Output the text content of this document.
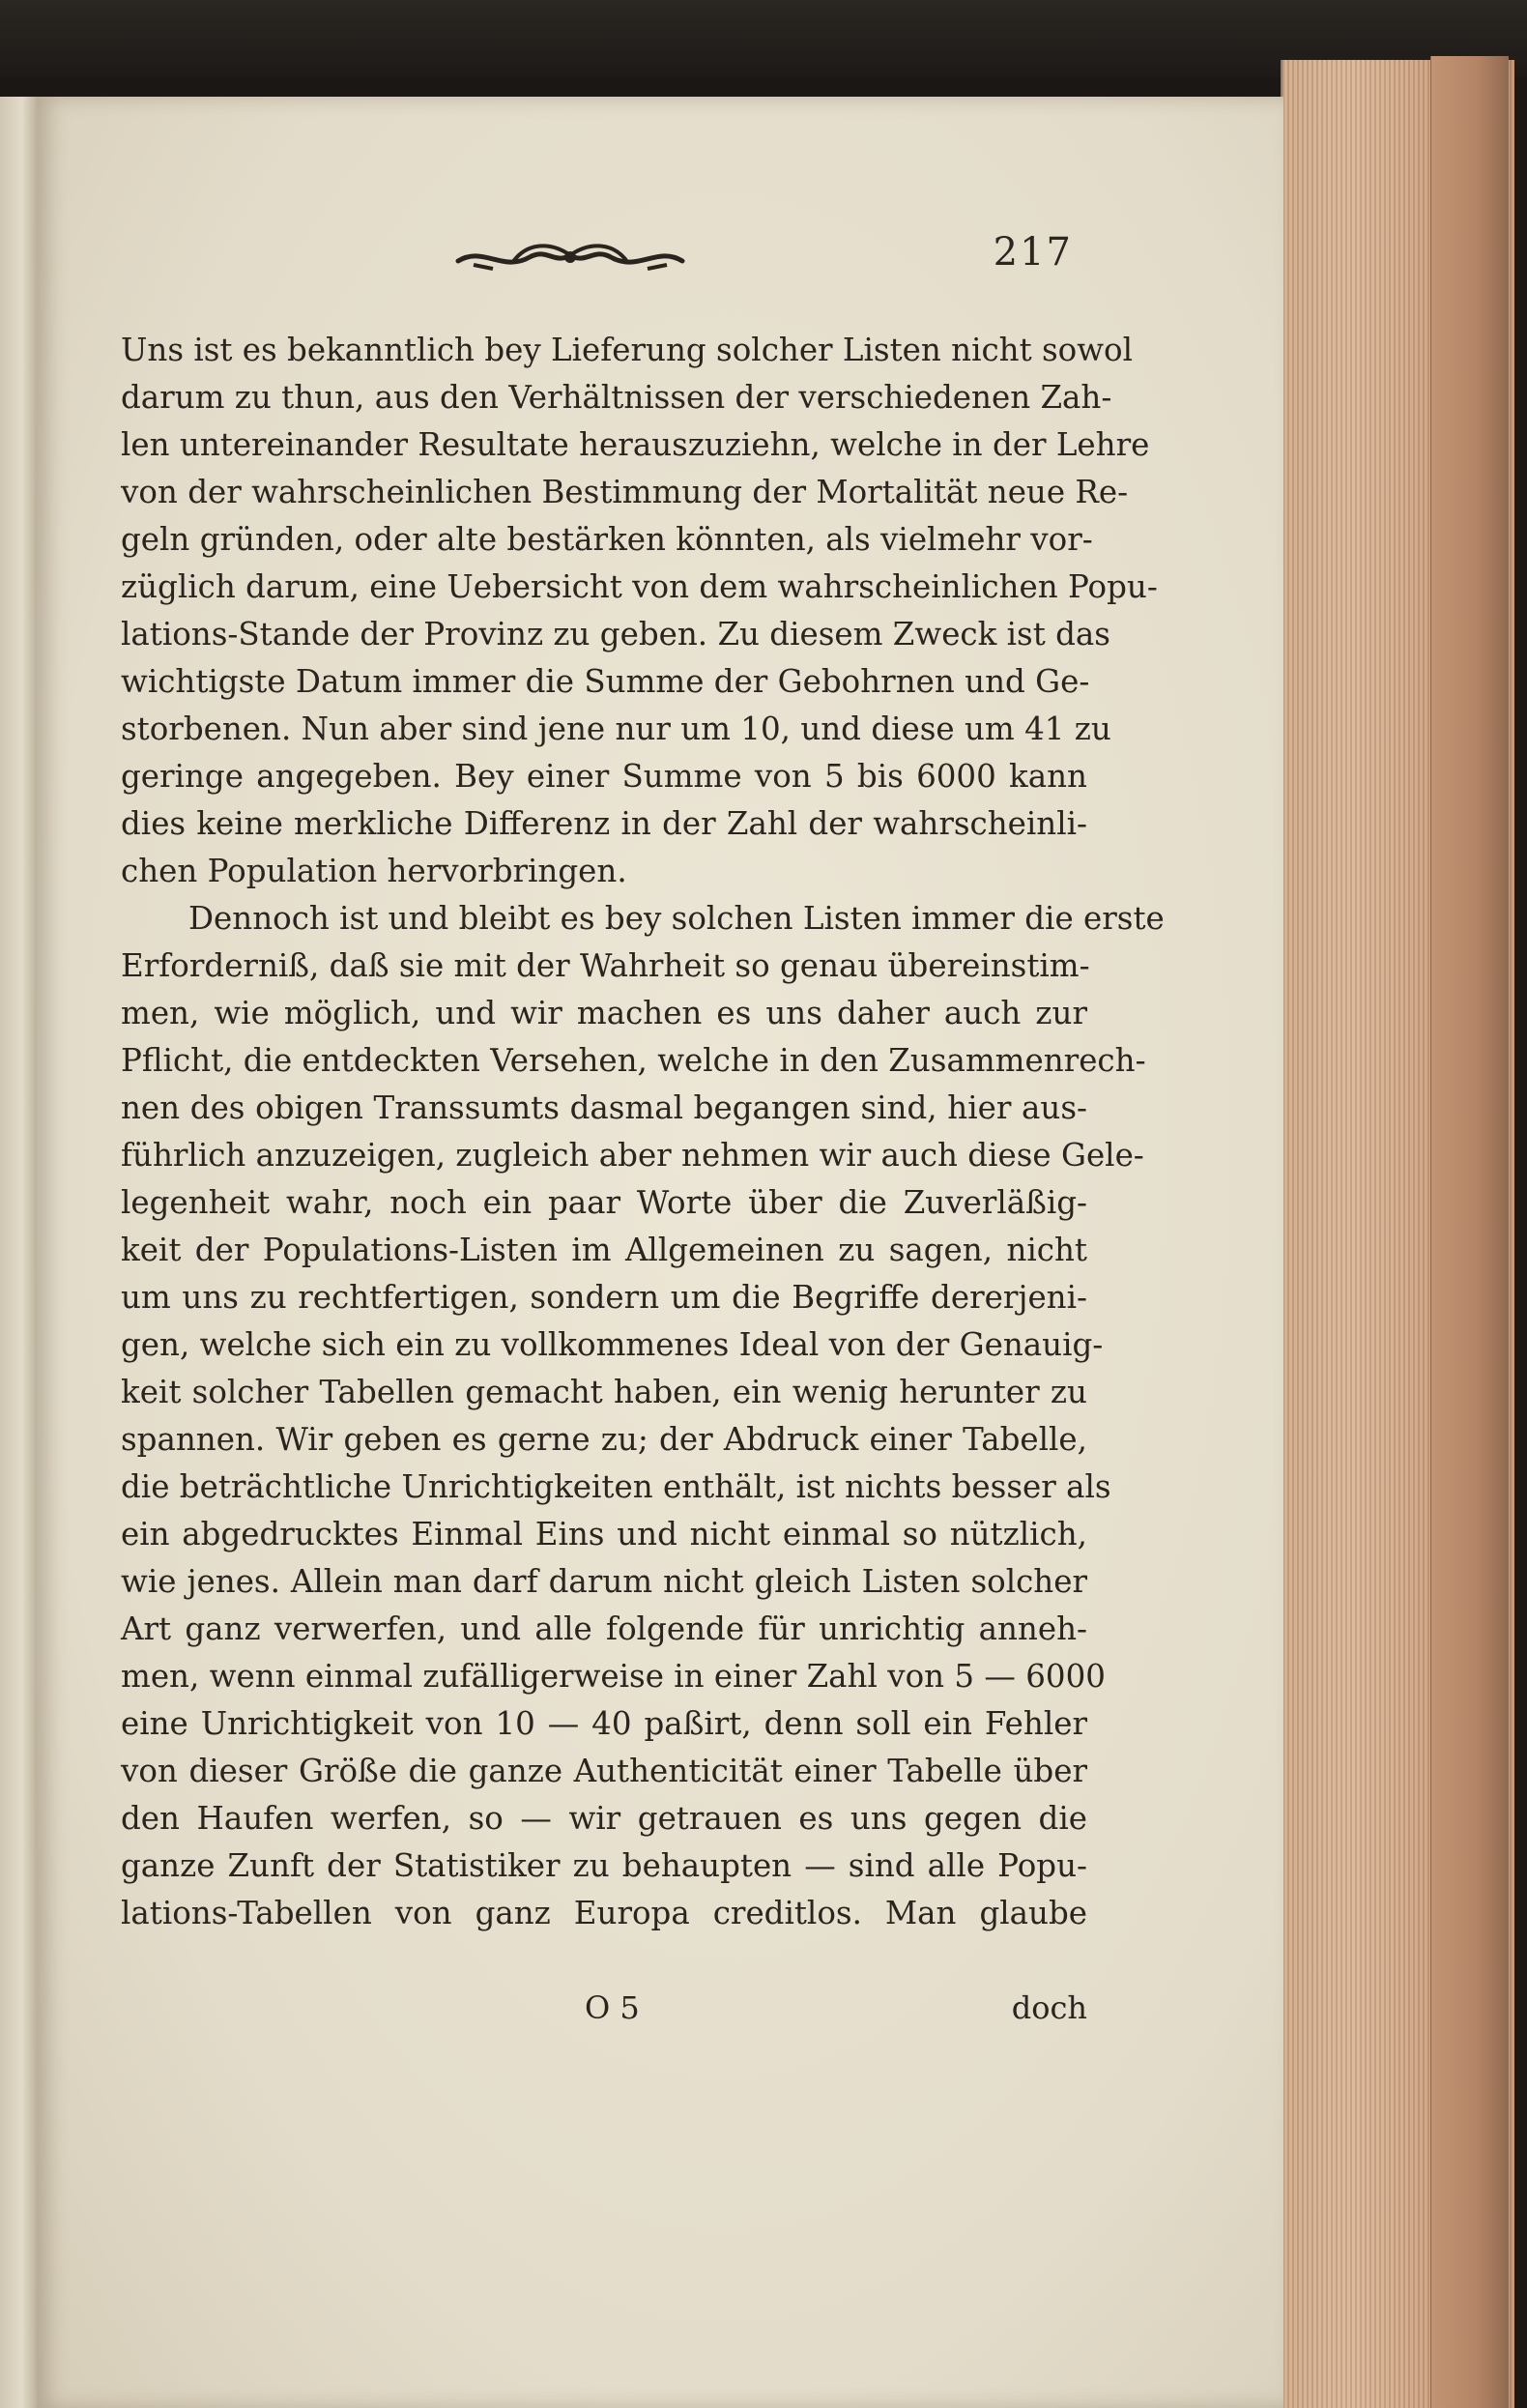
217
Uns ist es bekanntlich bey Lieferung solcher Listen nicht sowol
darum zu thun, aus den Verhältnissen der verschiedenen Zah-
len untereinander Resultate herauszuziehn, welche in der Lehre
von der wahrscheinlichen Bestimmung der Mortalität neue Re-
geln gründen, oder alte bestärken könnten, als vielmehr vor-
züglich darum, eine Uebersicht von dem wahrscheinlichen Popu-
lations-Stande der Provinz zu geben. Zu diesem Zweck ist das
wichtigste Datum immer die Summe der Gebohrnen und Ge-
storbenen. Nun aber sind jene nur um 10, und diese um 41 zu
geringe angegeben. Bey einer Summe von 5 bis 6000 kann
dies keine merkliche Differenz in der Zahl der wahrscheinli-
chen Population hervorbringen.
Dennoch ist und bleibt es bey solchen Listen immer die erste
Erforderniß, daß sie mit der Wahrheit so genau übereinstim-
men, wie möglich, und wir machen es uns daher auch zur
Pflicht, die entdeckten Versehen, welche in den Zusammenrech-
nen des obigen Transsumts dasmal begangen sind, hier aus-
führlich anzuzeigen, zugleich aber nehmen wir auch diese Gele-
legenheit wahr, noch ein paar Worte über die Zuverläßig-
keit der Populations-Listen im Allgemeinen zu sagen, nicht
um uns zu rechtfertigen, sondern um die Begriffe dererjeni-
gen, welche sich ein zu vollkommenes Ideal von der Genauig-
keit solcher Tabellen gemacht haben, ein wenig herunter zu
spannen. Wir geben es gerne zu; der Abdruck einer Tabelle,
die beträchtliche Unrichtigkeiten enthält, ist nichts besser als
ein abgedrucktes Einmal Eins und nicht einmal so nützlich,
wie jenes. Allein man darf darum nicht gleich Listen solcher
Art ganz verwerfen, und alle folgende für unrichtig anneh-
men, wenn einmal zufälligerweise in einer Zahl von 5 — 6000
eine Unrichtigkeit von 10 — 40 paßirt, denn soll ein Fehler
von dieser Größe die ganze Authenticität einer Tabelle über
den Haufen werfen, so — wir getrauen es uns gegen die
ganze Zunft der Statistiker zu behaupten — sind alle Popu-
lations-Tabellen von ganz Europa creditlos. Man glaube
O 5	doch
